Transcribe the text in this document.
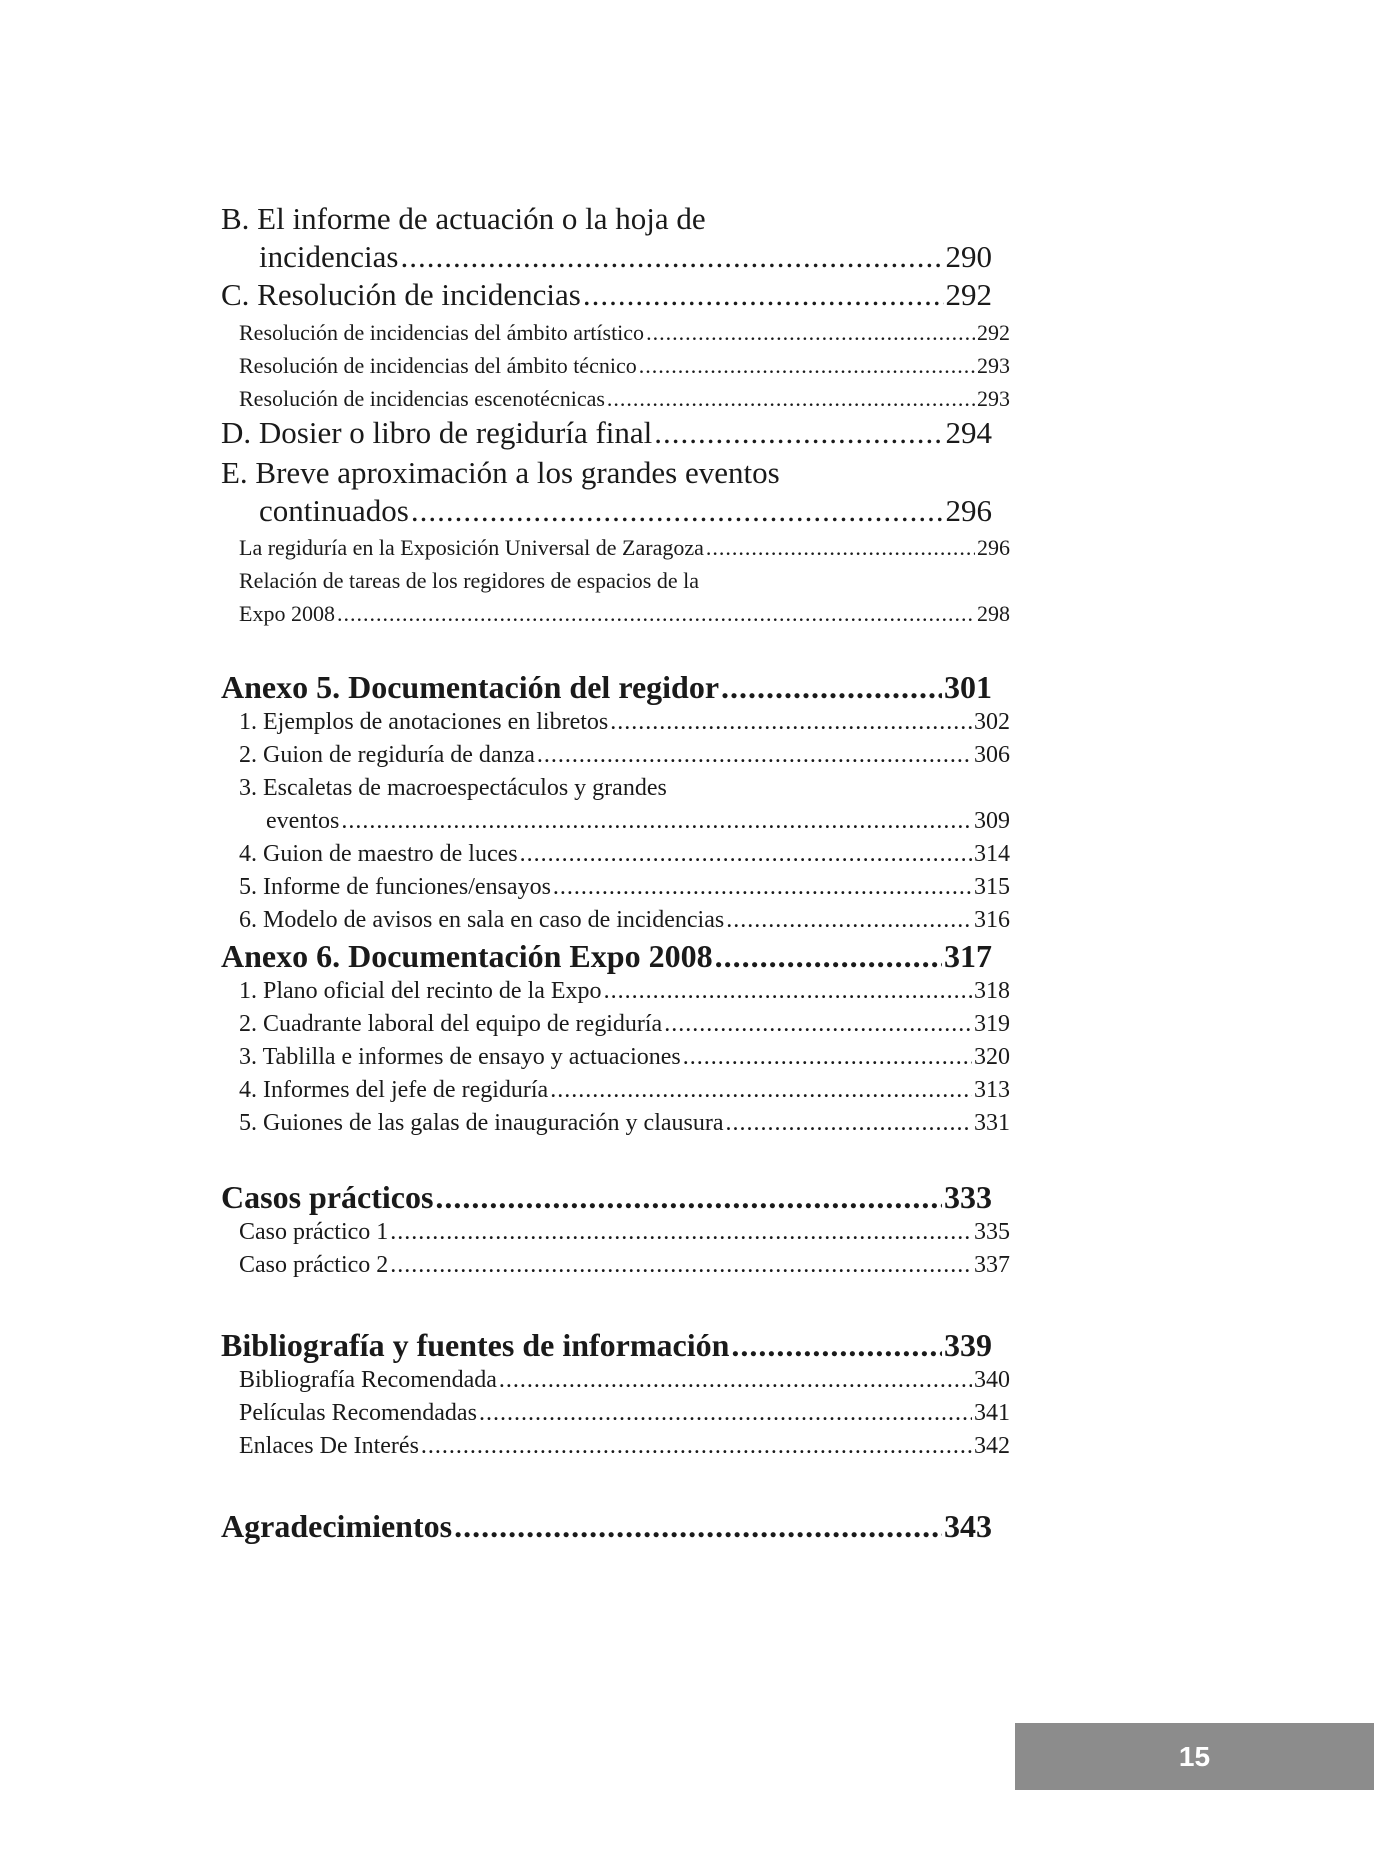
B. El informe de actuación o la hoja de
incidencias .....	290
C. Resolución de incidencias .....	292
Resolución de incidencias del ámbito artístico .....	292
Resolución de incidencias del ámbito técnico .....	293
Resolución de incidencias escenotécnicas .....	293
D. Dosier o libro de regiduría final .....	294
E. Breve aproximación a los grandes eventos
continuados .....	296
La regiduría en la Exposición Universal de Zaragoza .....	296
Relación de tareas de los regidores de espacios de la
Expo 2008 .....	298
Anexo 5. Documentación del regidor .....	301
1. Ejemplos de anotaciones en libretos .....	302
2. Guion de regiduría de danza .....	306
3. Escaletas de macroespectáculos y grandes
eventos .....	309
4. Guion de maestro de luces .....	314
5. Informe de funciones/ensayos .....	315
6. Modelo de avisos en sala en caso de incidencias .....	316
Anexo 6. Documentación Expo 2008 .....	317
1. Plano oficial del recinto de la Expo .....	318
2. Cuadrante laboral del equipo de regiduría .....	319
3. Tablilla e informes de ensayo y actuaciones .....	320
4. Informes del jefe de regiduría .....	313
5. Guiones de las galas de inauguración y clausura .....	331
Casos prácticos .....	333
Caso práctico 1 .....	335
Caso práctico 2 .....	337
Bibliografía y fuentes de información .....	339
Bibliografía Recomendada .....	340
Películas Recomendadas .....	341
Enlaces De Interés .....	342
Agradecimientos .....	343
15
